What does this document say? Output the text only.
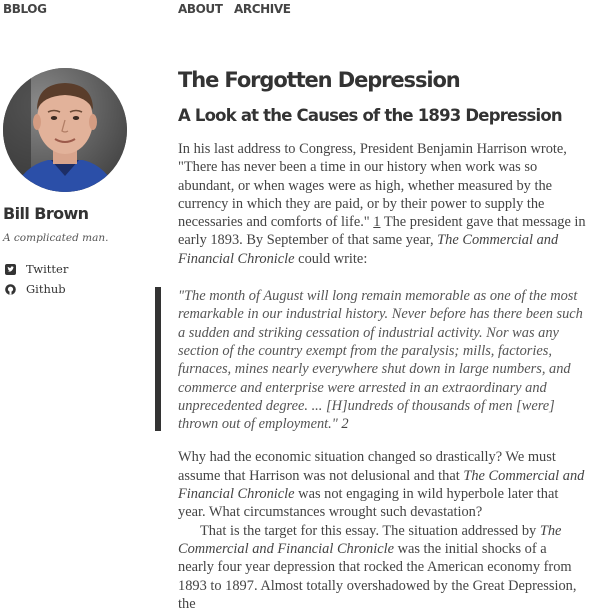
BBLOG	ABOUT ARCHIVE
Bill Brown
A complicated man.
Twitter
Github
The Forgotten Depression
A Look at the Causes of the 1893 Depression

In his last address to Congress, President Benjamin Harrison wrote, "There has never been a time in our history when work was so abundant, or when wages were as high, whether measured by the currency in which they are paid, or by their power to supply the necessaries and comforts of life." 1 The president gave that message in early 1893. By September of that same year, The Commercial and Financial Chronicle could write:

"The month of August will long remain memorable as one of the most remarkable in our industrial history. Never before has there been such a sudden and striking cessation of industrial activity. Nor was any section of the country exempt from the paralysis; mills, factories, furnaces, mines nearly everywhere shut down in large numbers, and commerce and enterprise were arrested in an extraordinary and unprecedented degree. ... [H]undreds of thousands of men [were] thrown out of employment." 2

Why had the economic situation changed so drastically? We must assume that Harrison was not delusional and that The Commercial and Financial Chronicle was not engaging in wild hyperbole later that year. What circumstances wrought such devastation?

That is the target for this essay. The situation addressed by The Commercial and Financial Chronicle was the initial shocks of a nearly four year depression that rocked the American economy from 1893 to 1897. Almost totally overshadowed by the Great Depression, the
